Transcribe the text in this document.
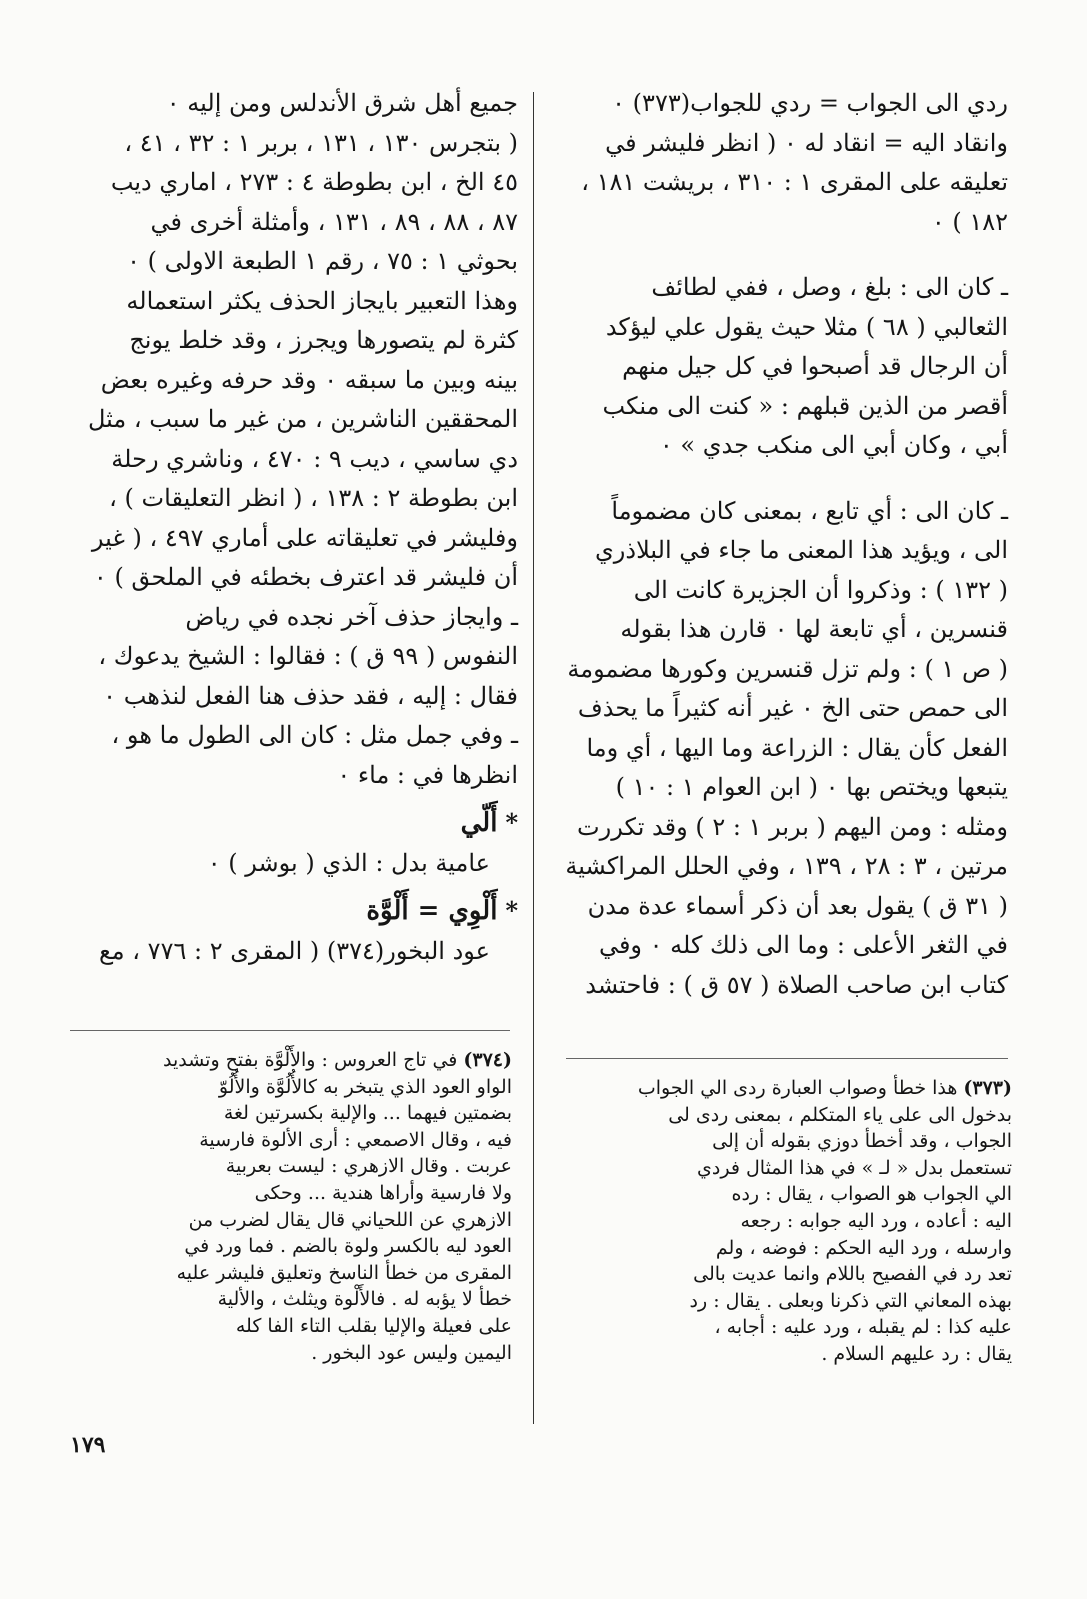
ردي الى الجواب = ردي للجواب(٣٧٣) ٠

وانقاد اليه = انقاد له ٠ ( انظر فليشر في

تعليقه على المقرى ١ : ٣١٠ ، بريشت ١٨١ ،

١٨٢ ) ٠

ـ كان الى : بلغ ، وصل ، ففي لطائف

الثعالبي ( ٦٨ ) مثلا حيث يقول علي ليؤكد

أن الرجال قد أصبحوا في كل جيل منهم

أقصر من الذين قبلهم : « كنت الى منكب

أبي ، وكان أبي الى منكب جدي » ٠

ـ كان الى : أي تابع ، بمعنى كان مضموماً

الى ، ويؤيد هذا المعنى ما جاء في البلاذري

( ١٣٢ ) : وذكروا أن الجزيرة كانت الى

قنسرين ، أي تابعة لها ٠ قارن هذا بقوله

( ص ١ ) : ولم تزل قنسرين وكورها مضمومة

الى حمص حتى الخ ٠ غير أنه كثيراً ما يحذف

الفعل كأن يقال : الزراعة وما اليها ، أي وما

يتبعها ويختص بها ٠ ( ابن العوام ١ : ١٠ )

ومثله : ومن اليهم ( بربر ١ : ٢ ) وقد تكررت

مرتين ، ٣ : ٢٨ ، ١٣٩ ، وفي الحلل المراكشية

( ٣١ ق ) يقول بعد أن ذكر أسماء عدة مدن

في الثغر الأعلى : وما الى ذلك كله ٠ وفي

كتاب ابن صاحب الصلاة ( ٥٧ ق ) : فاحتشد

جميع أهل شرق الأندلس ومن إليه ٠

( بتجرس ١٣٠ ، ١٣١ ، بربر ١ : ٣٢ ، ٤١ ،

٤٥ الخ ، ابن بطوطة ٤ : ٢٧٣ ، اماري ديب

٨٧ ، ٨٨ ، ٨٩ ، ١٣١ ، وأمثلة أخرى في

بحوثي ١ : ٧٥ ، رقم ١ الطبعة الاولى ) ٠

وهذا التعبير بايجاز الحذف يكثر استعماله

كثرة لم يتصورها ويجرز ، وقد خلط يونج

بينه وبين ما سبقه ٠ وقد حرفه وغيره بعض

المحققين الناشرين ، من غير ما سبب ، مثل

دي ساسي ، ديب ٩ : ٤٧٠ ، وناشري رحلة

ابن بطوطة ٢ : ١٣٨ ، ( انظر التعليقات ) ،

وفليشر في تعليقاته على أماري ٤٩٧ ، ( غير

أن فليشر قد اعترف بخطئه في الملحق ) ٠

ـ وايجاز حذف آخر نجده في رياض

النفوس ( ٩٩ ق ) : فقالوا : الشيخ يدعوك ،

فقال : إليه ، فقد حذف هنا الفعل لنذهب ٠

ـ وفي جمل مثل : كان الى الطول ما هو ،

انظرها في : ماء ٠

*أَلّي

عامية بدل : الذي ( بوشر ) ٠

*أَلْوِي = أَلْوَّة

عود البخور(٣٧٤) ( المقرى ٢ : ٧٧٦ ، مع

(٣٧٤)في تاج العروس : والأَلْوَّة بفتح وتشديد

الواو العود الذي يتبخر به كالأُلُوَّة والأُلُوّ

بضمتين فيهما ... والإلية بكسرتين لغة

فيه ، وقال الاصمعي : أرى الألوة فارسية

عربت . وقال الازهري : ليست بعربية

ولا فارسية وأراها هندية ... وحكى

الازهري عن اللحياني قال يقال لضرب من

العود ليه بالكسر ولوة بالضم . فما ورد في

المقرى من خطأ الناسخ وتعليق فليشر عليه

خطأ لا يؤبه له . فالأَلْوة ويثلث ، والألية

على فعيلة والإليا بقلب التاء الفا كله

اليمين وليس عود البخور .

(٣٧٣)هذا خطأ وصواب العبارة ردى الي الجواب

بدخول الى على ياء المتكلم ، بمعنى ردى لى

الجواب ، وقد أخطأ دوزي بقوله أن إلى

تستعمل بدل « لـ » في هذا المثال فردي

الي الجواب هو الصواب ، يقال : رده

اليه : أعاده ، ورد اليه جوابه : رجعه

وارسله ، ورد اليه الحكم : فوضه ، ولم

تعد رد في الفصيح باللام وانما عديت بالى

بهذه المعاني التي ذكرنا وبعلى . يقال : رد

عليه كذا : لم يقبله ، ورد عليه : أجابه ،

يقال : رد عليهم السلام .

١٧٩
